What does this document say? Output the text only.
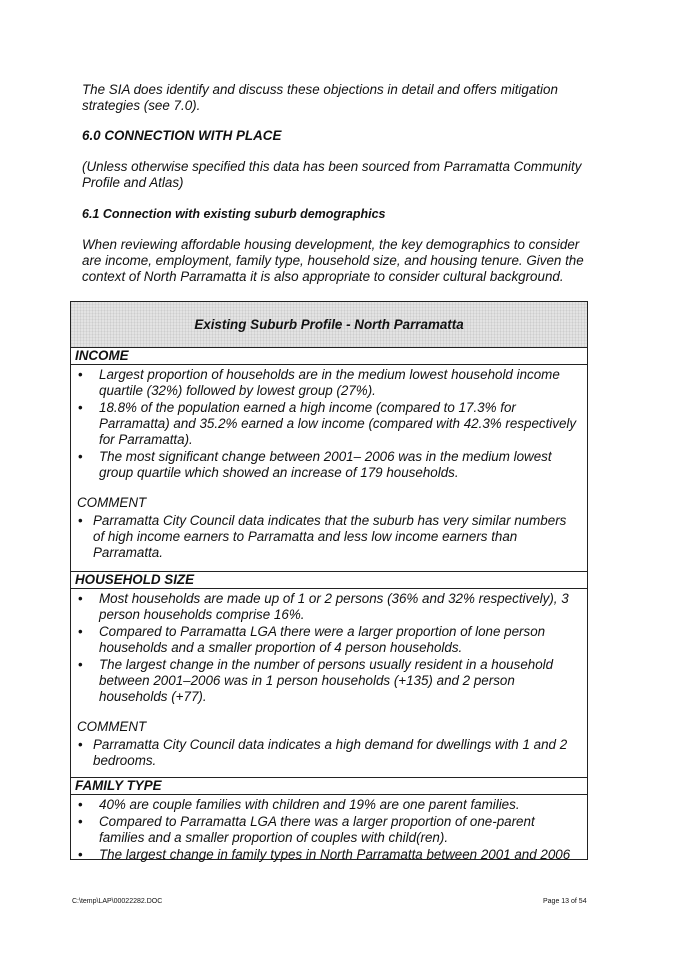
The SIA does identify and discuss these objections in detail and offers mitigation strategies (see 7.0).

6.0 CONNECTION WITH PLACE

(Unless otherwise specified this data has been sourced from Parramatta Community Profile and Atlas)

6.1 Connection with existing suburb demographics

When reviewing affordable housing development, the key demographics to consider are income, employment, family type, household size, and housing tenure. Given the context of North Parramatta it is also appropriate to consider cultural background.

Existing Suburb Profile - North Parramatta
INCOME
• Largest proportion of households are in the medium lowest household income quartile (32%) followed by lowest group (27%).
• 18.8% of the population earned a high income (compared to 17.3% for Parramatta) and 35.2% earned a low income (compared with 42.3% respectively for Parramatta).
• The most significant change between 2001– 2006 was in the medium lowest group quartile which showed an increase of 179 households.
COMMENT
• Parramatta City Council data indicates that the suburb has very similar numbers of high income earners to Parramatta and less low income earners than Parramatta.
HOUSEHOLD SIZE
• Most households are made up of 1 or 2 persons (36% and 32% respectively), 3 person households comprise 16%.
• Compared to Parramatta LGA there were a larger proportion of lone person households and a smaller proportion of 4 person households.
• The largest change in the number of persons usually resident in a household between 2001–2006 was in 1 person households (+135) and 2 person households (+77).
COMMENT
• Parramatta City Council data indicates a high demand for dwellings with 1 and 2 bedrooms.
FAMILY TYPE
• 40% are couple families with children and 19% are one parent families.
• Compared to Parramatta LGA there was a larger proportion of one-parent families and a smaller proportion of couples with child(ren).
• The largest change in family types in North Parramatta between 2001 and 2006
C:\temp\LAP\00022282.DOC	Page 13 of 54
